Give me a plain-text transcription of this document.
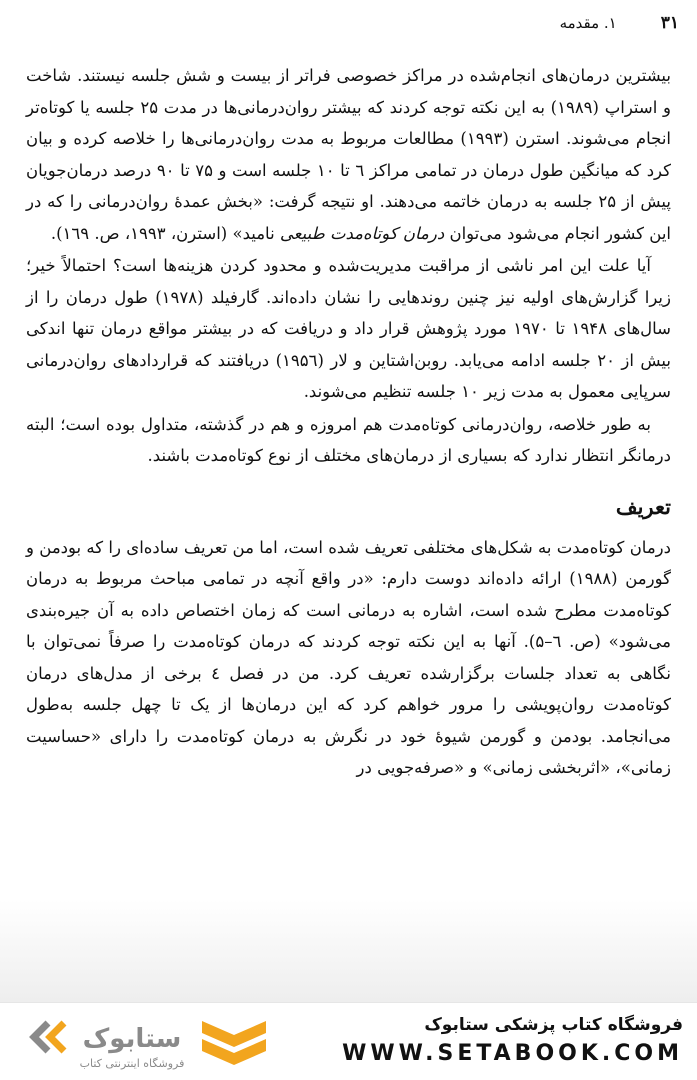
۳۱
۱. مقدمه

بیشترین درمان‌های انجام‌شده در مراکز خصوصی فراتر از بیست و شش جلسه نیستند. شاخت و استراپ (۱۹۸۹) به این نکته توجه کردند که بیشتر روان‌درمانی‌ها در مدت ۲۵ جلسه یا کوتاه‌تر انجام می‌شوند. استرن (۱۹۹۳) مطالعات مربوط به مدت روان‌درمانی‌ها را خلاصه کرده و بیان کرد که میانگین طول درمان در تمامی مراکز ٦ تا ۱۰ جلسه است و ۷۵ تا ۹۰ درصد درمان‌جویان پیش از ۲۵ جلسه به درمان خاتمه می‌دهند. او نتیجه گرفت: «بخش عمدهٔ روان‌درمانی را که در این کشور انجام می‌شود می‌توان درمان کوتاه‌مدت طبیعی نامید» (استرن، ۱۹۹۳، ص. ۱٦۹).

آیا علت این امر ناشی از مراقبت مدیریت‌شده و محدود کردن هزینه‌ها است؟ احتمالاً خیر؛ زیرا گزارش‌های اولیه نیز چنین روندهایی را نشان داده‌اند. گارفیلد (۱۹۷۸) طول درمان را از سال‌های ۱۹۴۸ تا ۱۹۷۰ مورد پژوهش قرار داد و دریافت که در بیشتر مواقع درمان تنها اندکی بیش از ۲۰ جلسه ادامه می‌یابد. روبن‌اشتاین و لار (۱۹۵٦) دریافتند که قراردادهای روان‌درمانی سرپایی معمول به مدت زیر ۱۰ جلسه تنظیم می‌شوند.

به طور خلاصه، روان‌درمانی کوتاه‌مدت هم امروزه و هم در گذشته، متداول بوده است؛ البته درمانگر انتظار ندارد که بسیاری از درمان‌های مختلف از نوع کوتاه‌مدت باشند.

تعریف

درمان کوتاه‌مدت به شکل‌های مختلفی تعریف شده است، اما من تعریف ساده‌ای را که بودمن و گورمن (۱۹۸۸) ارائه داده‌اند دوست دارم: «در واقع آنچه در تمامی مباحث مربوط به درمان کوتاه‌مدت مطرح شده است، اشاره به درمانی است که زمان اختصاص داده به آن جیره‌بندی می‌شود» (ص. ٦–۵). آنها به این نکته توجه کردند که درمان کوتاه‌مدت را صرفاً نمی‌توان با نگاهی به تعداد جلسات برگزارشده تعریف کرد. من در فصل ٤ برخی از مدل‌های درمان کوتاه‌مدت روان‌پویشی را مرور خواهم کرد که این درمان‌ها از یک تا چهل جلسه به‌طول می‌انجامد. بودمن و گورمن شیوهٔ خود در نگرش به درمان کوتاه‌مدت را دارای «حساسیت زمانی»، «اثربخشی زمانی» و «صرفه‌جویی در

فروشگاه کتاب پزشکی ستابوک
WWW.SETABOOK.COM
ستابوک
فروشگاه اینترنتی کتاب
